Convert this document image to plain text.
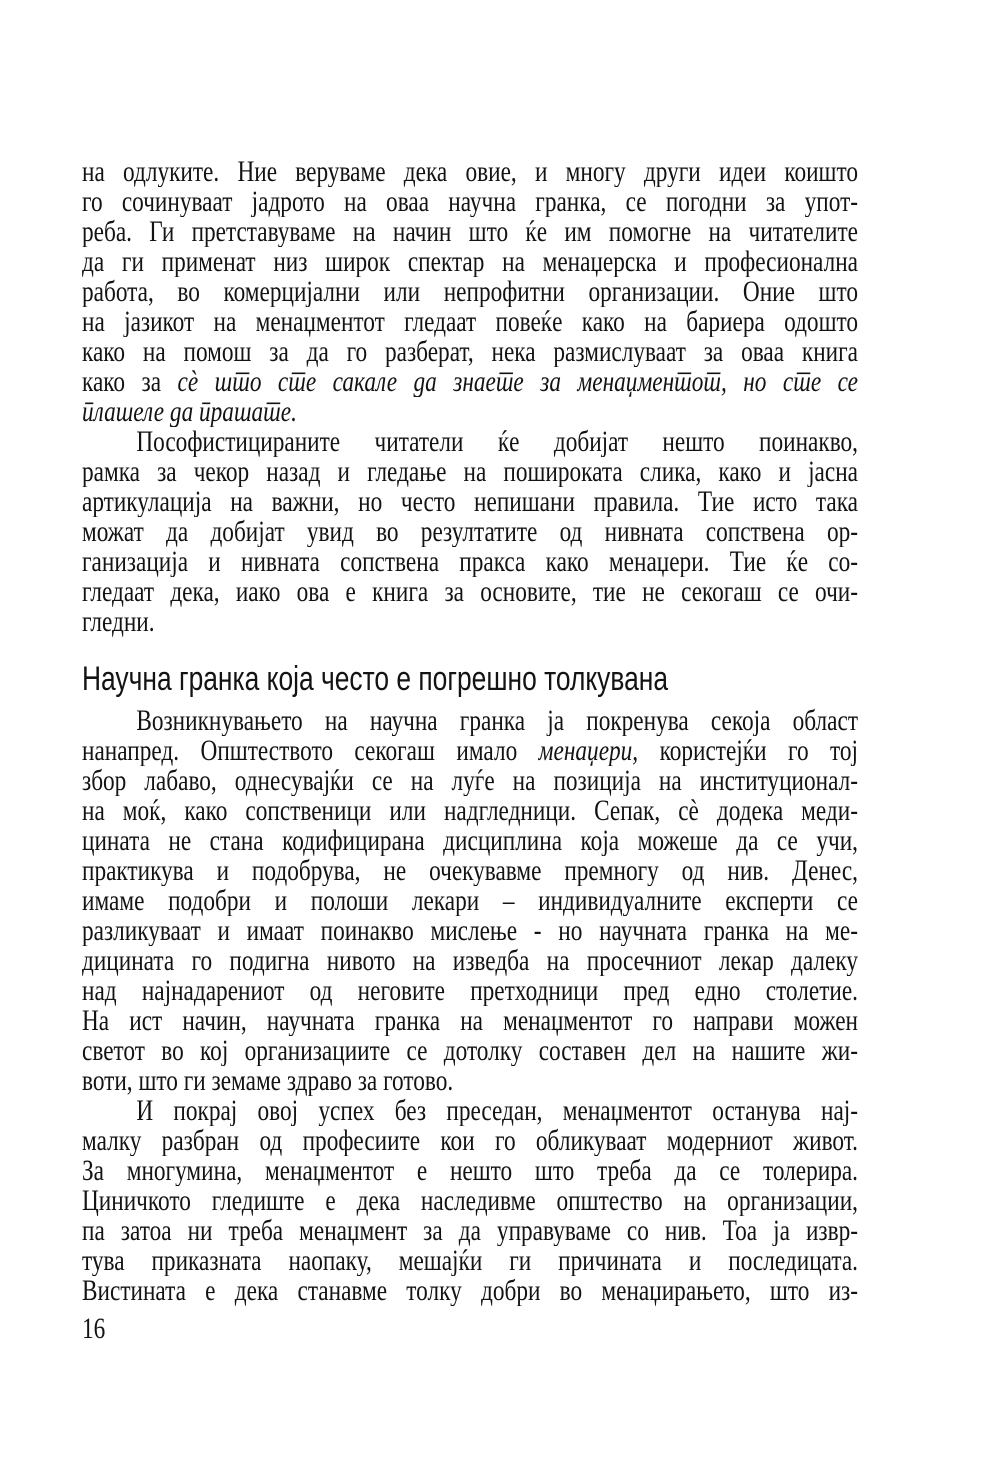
на одлуките. Ние веруваме дека овие, и многу други идеи коишто
го сочинуваат јадрото на оваа научна гранка, се погодни за упот-
реба. Ги претставуваме на начин што ќе им помогне на читателите
да ги применат низ широк спектар на менаџерска и професионална
работа, во комерцијални или непрофитни организации. Оние што
на јазикот на менаџментот гледаат повеќе како на бариера одошто
како на помош за да го разберат, нека размислуваат за оваа книга
како за сѐ што сте сакале да знаете за менаџментот, но сте се
плашеле да прашате.
Пософистицираните читатели ќе добијат нешто поинакво,
рамка за чекор назад и гледање на пошироката слика, како и јасна
артикулација на важни, но често непишани правила. Тие исто така
можат да добијат увид во резултатите од нивната сопствена ор-
ганизација и нивната сопствена пракса како менаџери. Тие ќе со-
гледаат дека, иако ова е книга за основите, тие не секогаш се очи-
гледни.
Научна гранка која често е погрешно толкувана
Возникнувањето на научна гранка ја покренува секоја област
нанапред. Општеството секогаш имало менаџери, користејќи го тој
збор лабаво, однесувајќи се на луѓе на позиција на институционал-
на моќ, како сопственици или надгледници. Сепак, сѐ додека меди-
цината не стана кодифицирана дисциплина која можеше да се учи,
практикува и подобрува, не очекувавме премногу од нив. Денес,
имаме подобри и полоши лекари – индивидуалните експерти се
разликуваат и имаат поинакво мислење - но научната гранка на ме-
дицината го подигна нивото на изведба на просечниот лекар далеку
над најнадарениот од неговите претходници пред едно столетие.
На ист начин, научната гранка на менаџментот го направи можен
светот во кој организациите се дотолку составен дел на нашите жи-
воти, што ги земаме здраво за готово.
И покрај овој успех без преседан, менаџментот останува нај-
малку разбран од професиите кои го обликуваат модерниот живот.
За многумина, менаџментот е нешто што треба да се толерира.
Циничкото гледиште е дека наследивме општество на организации,
па затоа ни треба менаџмент за да управуваме со нив. Тоа ја извр-
тува приказната наопаку, мешајќи ги причината и последицата.
Вистината е дека станавме толку добри во менаџирањето, што из-
16
